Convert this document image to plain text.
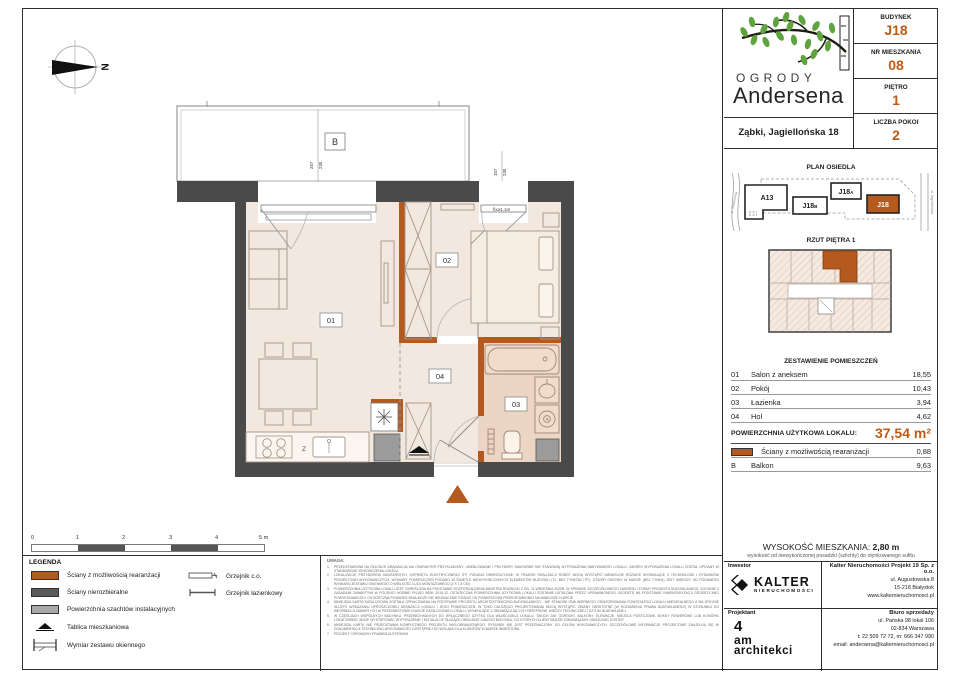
N
B
fix≥1,1m
257 230
107 230
Z
P
01
02
03
04
0	1	2	3	4	5 m
LEGENDA
Ściany z możliwością rearanżacji
Ściany nierozbieralne
Powierzchnia szachtów instalacyjnych
Tablica mieszkaniowa
Wymiar zestawu okiennego
Grzejnik c.o.
Grzejnik łazienkowy
UWAGA:
1.	PRZEDSTAWIONA NA RZUTACH ARANŻACJA MA CHARAKTER PRZYKŁADOWY. UMEBLOWANIE I PRZYBORY SANITARNE NIE STANOWIĄ WYPOSAŻENIA NABYWANEGO LOKALU. ZAKRES WYPOSAŻENIA LOKALU ZOSTAŁ OPISANY W STANDARDZIE WYKOŃCZENIA LOKALU.
2.	LOKALIZACJE PRZYBORÓW SANITARNYCH, OSPRZĘTU ELEKTRYCZNEGO ITP. PODANO ORIENTACYJNIE. W TRAKCIE REALIZACJI ROBÓT MOGĄ WYSTĄPIĆ NIEWIELKIE RÓŻNICE WYNIKAJĄCE Z TECHNOLOGII I RYSUNKÓW PROJEKTOWO-WYKONAWCZYCH. WYMIARY POMIESZCZEŃ PODANO W ŚWIETLE NIEWYKOŃCZONYCH ELEMENTÓW BUDYNKU (TJ. BEZ TYNKÓW ITP.). OTWÓR OKIENNY W MURZE (BEZ TYNKU) JEST WIĘKSZY OD PODANEGO WYMIARU ZESTAWU OKIENNEGO O WIELKOŚĆ LUZU MONTAŻOWEGO (2 X 1,5 CM).
3.	POWIERZCHNIA UŻYTKOWA LOKALU JEST OKREŚLONA NA PODSTAWIE ROZPORZĄDZENIA MINISTRA ROZWOJU Z DN. 11 WRZEŚNIA 2020R. W SPRAWIE SZCZEGÓŁOWEGO ZAKRESU I FORMY PROJEKTU BUDOWLANEGO, ZGODNIE Z ZASADAMI ZAWARTYMI W POLSKIEJ NORMIE PN-ISO 9836: 2015-12. OSTATECZNA POWIERZCHNIA UŻYTKOWA LOKALU ZOSTANIE USTALONA PRZEZ UPRAWNIONEGO GEODETĘ NA PODSTAWIE INWENTARYZACJI GEODEZYJNEJ POWYKONAWCZEJ. OSTATECZNA POWIERZCHNIA MOŻE SIĘ NIEZNACZNIE RÓŻNIĆ OD POWIERZCHNI PRZEDSTAWIONEJ NA NINIEJSZEJ KARCIE.
4.	NINIEJSZA KARTA KATALOGOWA ZOSTAŁA OPRACOWANA NA PODSTAWIE PROJEKTU ARCHITEKTONICZNO-BUDOWLANEGO - NIE STANOWI ONA WIERNEGO ODWZOROWANIA POWSTAŁEGO LOKALU MIESZKALNEGO A MA JEDYNIE SŁUŻYĆ WSKAZANIU UPROSZCZONEJ ARANŻACJI LOKALU I JEGO POMIESZCZEŃ. W TOKU DALSZEGO PROJEKTOWANIA MOGĄ WYSTĄPIĆ ZMIANY NIEISTOTNE (W ROZUMIENIU PRAWA BUDOWLANEGO) W STOSUNKU DO INFORMACJI ZAWARTYCH W PRZEDMIOTOWEJ KARCIE KATALOGOWEJ LOKALU, WYNIKAJĄCE Z OBOWIĄZUJĄCYCH PRZEPISÓW, WIEDZY TECHNICZNEJ I SZTUKI BUDOWLANEJ.
5.	W CZĘŚCIACH WSPÓLNYCH BUDYNKU, PRZEWIDYWANYCH DO WYŁĄCZNEGO UŻYTKU DLA WŁAŚCICIELA LOKALU, TAKICH JAK OGRÓDKI, BALKONY, ELEWACJE, MIEJSCA POSTOJOWE, BOKSY ROWEROWE LUB KOMÓRKI LOKATORSKIE, MOŻE WYSTĘPOWAĆ WYPOSAŻENIE I INSTALACJE SŁUŻĄCE OBSŁUDZE CAŁEGO BUDYNKU, DO KTÓRYCH KLIENT BĘDZIE ZOBOWIĄZANY UMOŻLIWIĆ DOSTĘP.
6.	NINIEJSZA KARTA NIE PRZEDSTAWIA KOMPLETNEGO PROJEKTU WIELOBRANŻOWEGO. RYSUNEK NIE JEST PRZEZNACZONY DO CELÓW WYKONAWCZYCH. SZCZEGÓŁOWE INFORMACJE PROJEKTOWE ZNAJDUJĄ SIĘ W DOKUMENTACJI TECHNICZNO-WYKONAWCZEJ DOSTĘPNEJ DO WGLĄDU DLA KLIENTÓW W BIURZE INWESTORA.
7.	PROJEKT CHRONIONY PRAWEM AUTORSKIM.
OGRODY
Andersena
Ząbki, Jagiellońska 18
BUDYNEK
J18
NR MIESZKANIA
08
PIĘTRO
1
LICZBA POKOI
2
PLAN OSIEDLA
ul. Andersena	ul. Jagiellońska
A13
J18B
J18A
J18
RZUT PIĘTRA 1
ZESTAWIENIE POMIESZCZEŃ
01	Salon z aneksem	18,55
02	Pokój	10,43
03	Łazienka	3,94
04	Hol	4,62
POWIERZCHNIA UŻYTKOWA LOKALU:	37,54 m²
Ściany z możliwością rearanżacji	0,88
B	Balkon	9,63
WYSOKOŚĆ MIESZKANIA: 2,80 m
wysokość od niewykończonej posadzki (szlichty) do otynkowanego sufitu
Inwestor
KALTER
NIERUCHOMOŚCI
Kalter Nieruchomości Projekt 19 Sp. z o.o.
ul. Augustowska 8
15-218 Białystok
www.kalternieruchomosci.pl
Projektant
4
am
architekci
Biuro sprzedaży
ul. Pańska 98 lokal 106
02-834 Warszawa
t: 22 509 72 72, m: 666 347 990
email: andersena@kalternieruchomosci.pl
